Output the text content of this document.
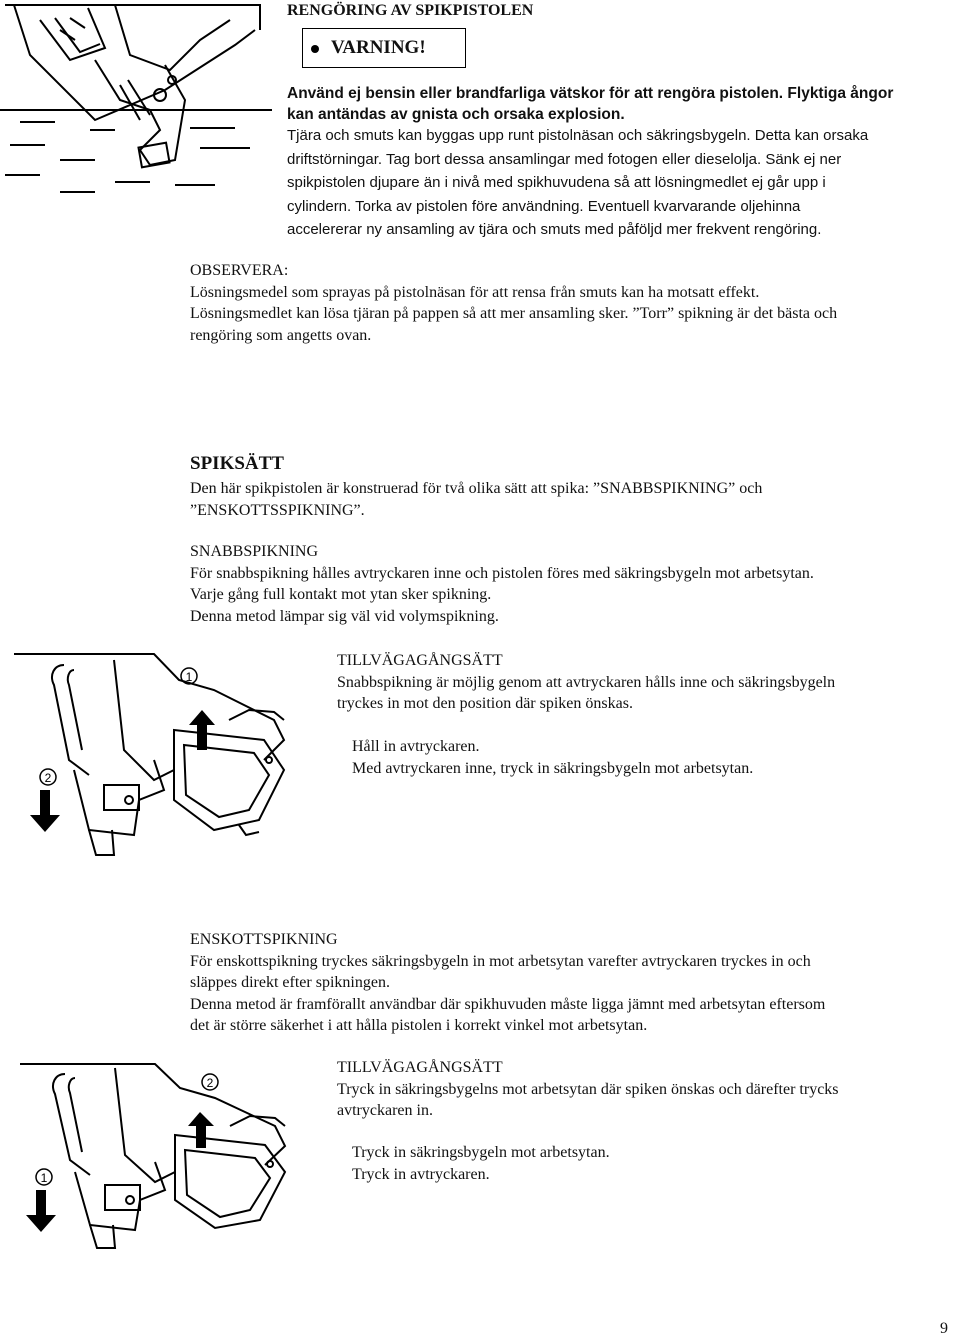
RENGÖRING AV SPIKPISTOLEN
VARNING!
Använd ej bensin eller brandfarliga vätskor för att rengöra pistolen. Flyktiga ångor
kan antändas av gnista och orsaka explosion.
Tjära och smuts kan byggas upp runt pistolnäsan och säkringsbygeln. Detta kan orsaka
driftstörningar. Tag bort dessa ansamlingar med fotogen eller dieselolja. Sänk ej ner
spikpistolen djupare än i nivå med spikhuvudena så att lösningmedlet ej går upp i
cylindern. Torka av pistolen före användning. Eventuell kvarvarande oljehinna
accelererar ny ansamling av tjära och smuts med påföljd mer frekvent rengöring.
OBSERVERA:
Lösningsmedel som sprayas på pistolnäsan för att rensa från smuts kan ha motsatt effekt.
Lösningsmedlet kan lösa tjäran på pappen så att mer ansamling sker. ”Torr” spikning är det bästa och
rengöring som angetts ovan.
SPIKSÄTT
Den här spikpistolen är konstruerad för två olika sätt att spika: ”SNABBSPIKNING” och
”ENSKOTTSSPIKNING”.
SNABBSPIKNING
För snabbspikning hålles avtryckaren inne och pistolen föres med säkringsbygeln mot arbetsytan.
Varje gång full kontakt mot ytan sker spikning.
Denna metod lämpar sig väl vid volymspikning.
1
2
TILLVÄGAGÅNGSÄTT
Snabbspikning är möjlig genom att avtryckaren hålls inne och säkringsbygeln
tryckes in mot den position där spiken önskas.
Håll in avtryckaren.
Med avtryckaren inne, tryck in säkringsbygeln mot arbetsytan.
ENSKOTTSPIKNING
För enskottspikning tryckes säkringsbygeln in mot arbetsytan varefter avtryckaren tryckes in och
släppes direkt efter spikningen.
Denna metod är framförallt användbar där spikhuvuden måste ligga jämnt med arbetsytan eftersom
det är större säkerhet i att hålla pistolen i korrekt vinkel mot arbetsytan.
2
1
TILLVÄGAGÅNGSÄTT
Tryck in säkringsbygelns mot arbetsytan där spiken önskas och därefter trycks
avtryckaren in.
Tryck in säkringsbygeln mot arbetsytan.
Tryck in avtryckaren.
9
